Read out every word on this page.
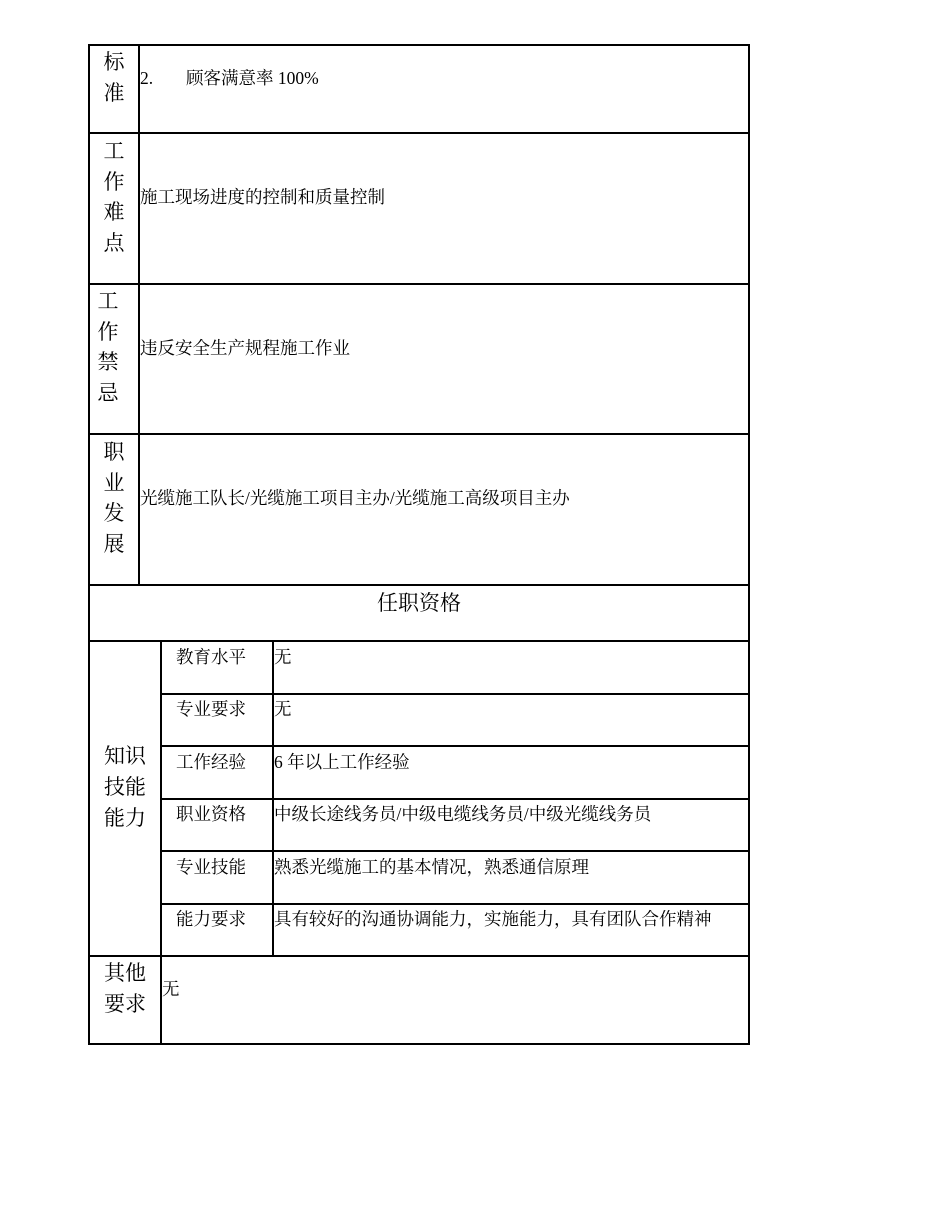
标
准
2. 顾客满意率 100%
工
作
难
点
施工现场进度的控制和质量控制
工
作
禁
忌
违反安全生产规程施工作业
职
业
发
展
光缆施工队长/光缆施工项目主办/光缆施工高级项目主办
任职资格
知识
技能
能力
教育水平 无
专业要求 无
工作经验 6 年以上工作经验
职业资格 中级长途线务员/中级电缆线务员/中级光缆线务员
专业技能 熟悉光缆施工的基本情况，熟悉通信原理
能力要求 具有较好的沟通协调能力，实施能力，具有团队合作精神
其他
要求
无
